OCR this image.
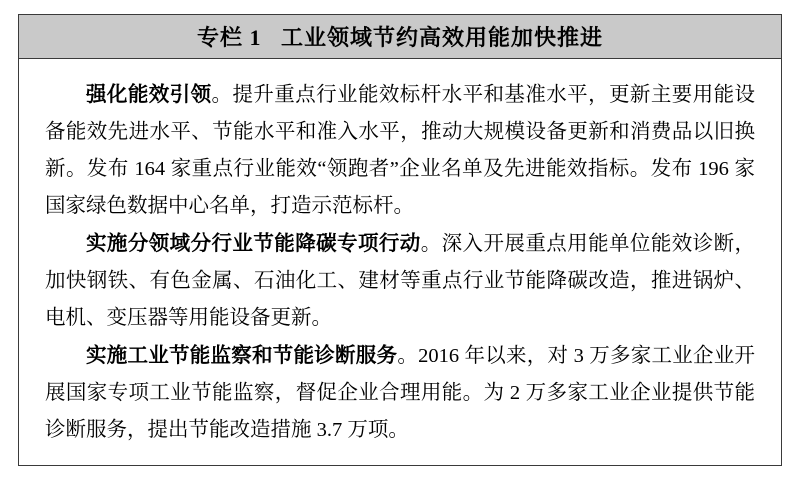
专栏 1   工业领域节约高效用能加快推进

强化能效引领。提升重点行业能效标杆水平和基准水平，更新主要用能设备能效先进水平、节能水平和准入水平，推动大规模设备更新和消费品以旧换新。发布 164 家重点行业能效“领跑者”企业名单及先进能效指标。发布 196 家国家绿色数据中心名单，打造示范标杆。

实施分领域分行业节能降碳专项行动。深入开展重点用能单位能效诊断，加快钢铁、有色金属、石油化工、建材等重点行业节能降碳改造，推进锅炉、电机、变压器等用能设备更新。

实施工业节能监察和节能诊断服务。2016 年以来，对 3 万多家工业企业开展国家专项工业节能监察，督促企业合理用能。为 2 万多家工业企业提供节能诊断服务，提出节能改造措施 3.7 万项。
